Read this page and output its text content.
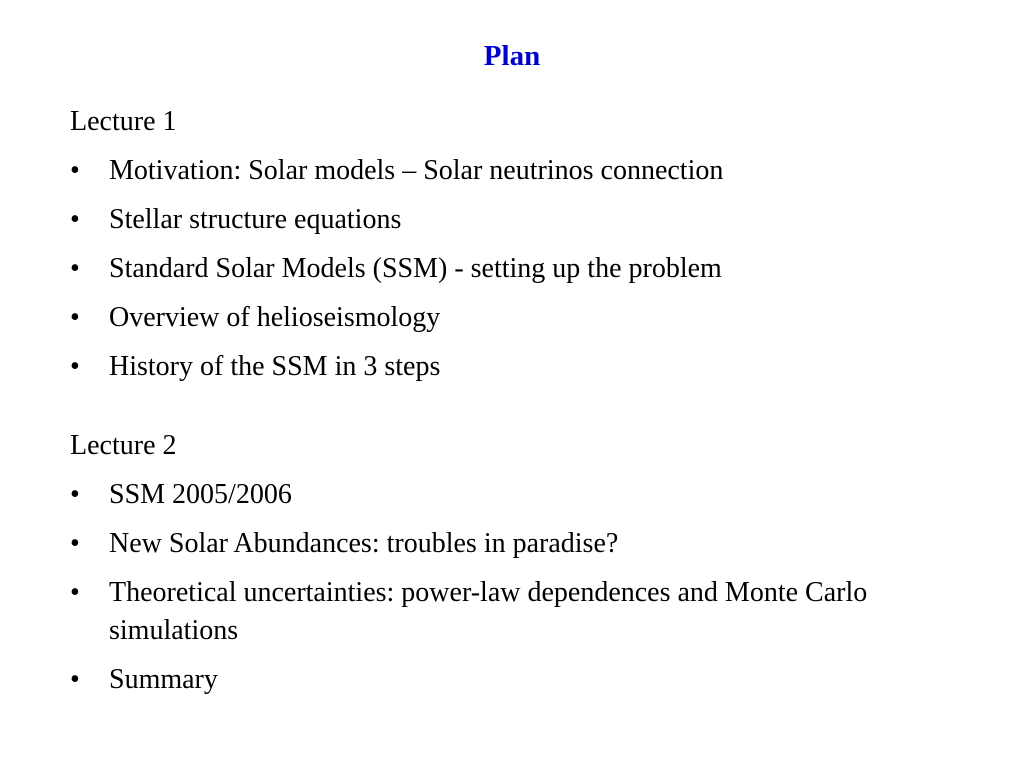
Plan
Lecture 1
• Motivation: Solar models – Solar neutrinos connection
• Stellar structure equations
• Standard Solar Models (SSM) - setting up the problem
• Overview of helioseismology
• History of the SSM in 3 steps
Lecture 2
• SSM 2005/2006
• New Solar Abundances: troubles in paradise?
• Theoretical uncertainties: power-law dependences and Monte Carlo simulations
• Summary
